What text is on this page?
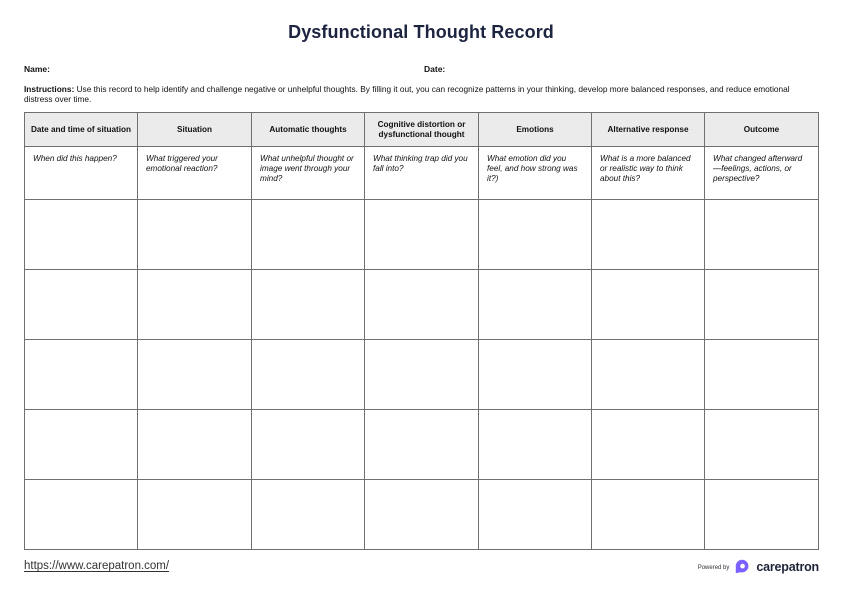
Dysfunctional Thought Record
Name:	Date:
Instructions: Use this record to help identify and challenge negative or unhelpful thoughts. By filling it out, you can recognize patterns in your thinking, develop more balanced responses, and reduce emotional distress over time.
Date and time of situation	Situation	Automatic thoughts	Cognitive distortion or dysfunctional thought	Emotions	Alternative response	Outcome
When did this happen?	What triggered your emotional reaction?	What unhelpful thought or image went through your mind?	What thinking trap did you fall into?	What emotion did you feel, and how strong was it?)	What is a more balanced or realistic way to think about this?	What changed afterward—feelings, actions, or perspective?

https://www.carepatron.com/	Powered by carepatron
